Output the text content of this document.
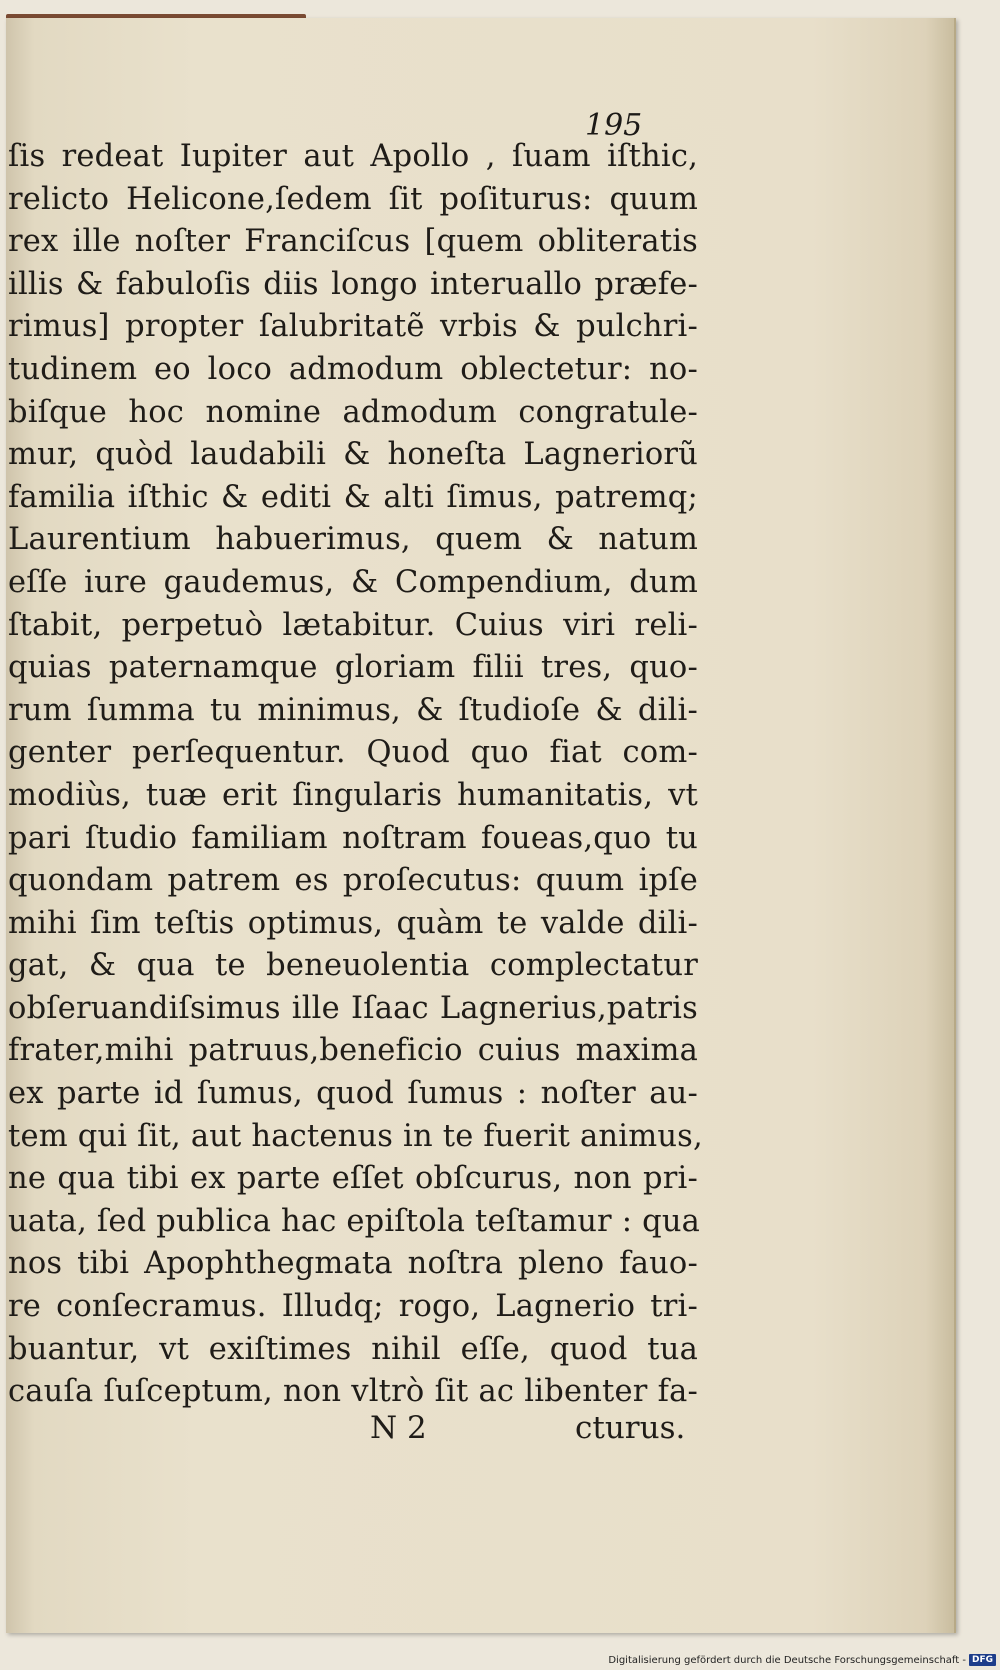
195
ſis redeat Iupiter aut Apollo , ſuam iſthic,
relicto Helicone,ſedem ſit poſiturus: quum
rex ille noſter Franciſcus [quem obliteratis
illis & fabuloſis diis longo interuallo præfe-
rimus] propter ſalubritatẽ vrbis & pulchri-
tudinem eo loco admodum oblectetur: no-
biſque hoc nomine admodum congratule-
mur, quòd laudabili & honeſta Lagneriorũ
familia iſthic & editi & alti ſimus, patremq;
Laurentium habuerimus, quem & natum
eſſe iure gaudemus, & Compendium, dum
ſtabit, perpetuò lætabitur. Cuius viri reli-
quias paternamque gloriam filii tres, quo-
rum ſumma tu minimus, & ſtudioſe & dili-
genter perſequentur. Quod quo fiat com-
modiùs, tuæ erit ſingularis humanitatis, vt
pari ſtudio familiam noſtram foueas,quo tu
quondam patrem es proſecutus: quum ipſe
mihi ſim teſtis optimus, quàm te valde dili-
gat, & qua te beneuolentia complectatur
obſeruandiſsimus ille Iſaac Lagnerius,patris
frater,mihi patruus,beneficio cuius maxima
ex parte id ſumus, quod ſumus : noſter au-
tem qui ſit, aut hactenus in te fuerit animus,
ne qua tibi ex parte eſſet obſcurus, non pri-
uata, ſed publica hac epiſtola teſtamur : qua
nos tibi Apophthegmata noſtra pleno fauo-
re conſecramus. Illudq; rogo, Lagnerio tri-
buantur, vt exiſtimes nihil eſſe, quod tua
cauſa ſuſceptum, non vltrò ſit ac libenter fa-
N 2	cturus.
Digitalisierung gefördert durch die Deutsche Forschungsgemeinschaft - DFG
